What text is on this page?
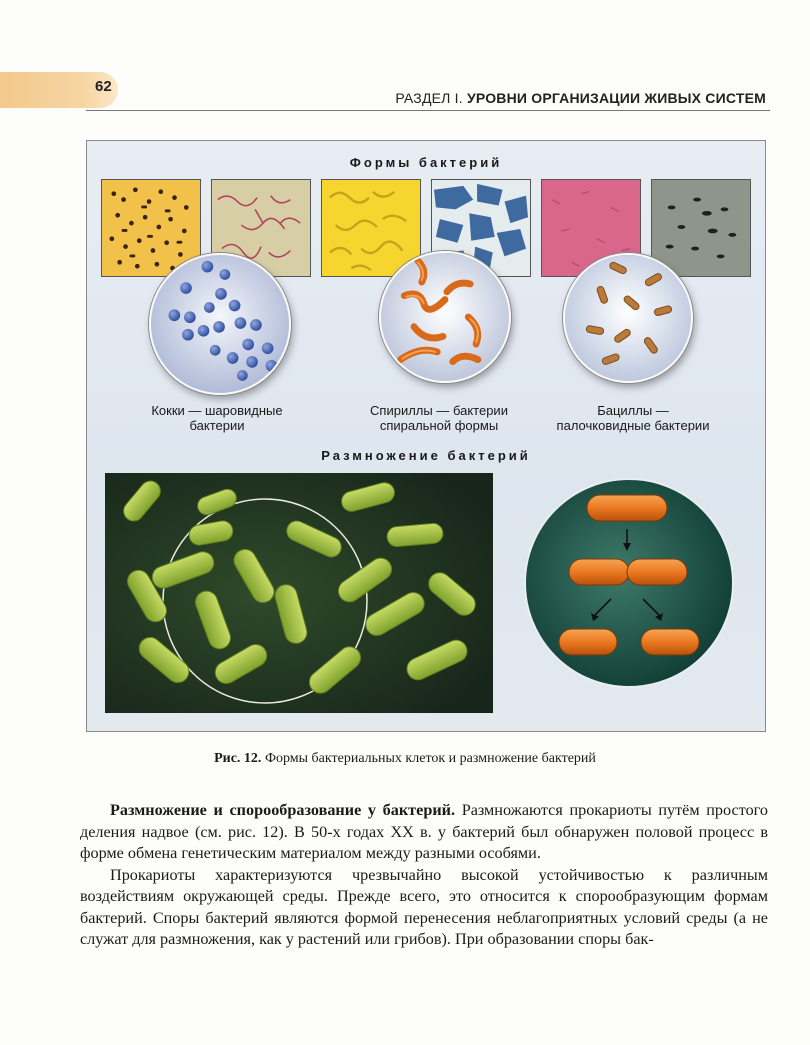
62
РАЗДЕЛ I. УРОВНИ ОРГАНИЗАЦИИ ЖИВЫХ СИСТЕМ
Формы бактерий
Кокки — шаровидные
бактерии
Спириллы — бактерии
спиральной формы
Бациллы —
палочковидные бактерии
Размножение бактерий
Рис. 12. Формы бактериальных клеток и размножение бактерий

Размножение и спорообразование у бактерий. Размножаются прокариоты путём простого деления надвое (см. рис. 12). В 50-х годах XX в. у бактерий был обнаружен половой процесс в форме обмена генетическим материалом между разными особями.

Прокариоты характеризуются чрезвычайно высокой устойчивостью к различным воздействиям окружающей среды. Прежде всего, это относится к спорообразующим формам бактерий. Споры бактерий являются формой перенесения неблагоприятных условий среды (а не служат для размножения, как у растений или грибов). При образовании споры бак-
